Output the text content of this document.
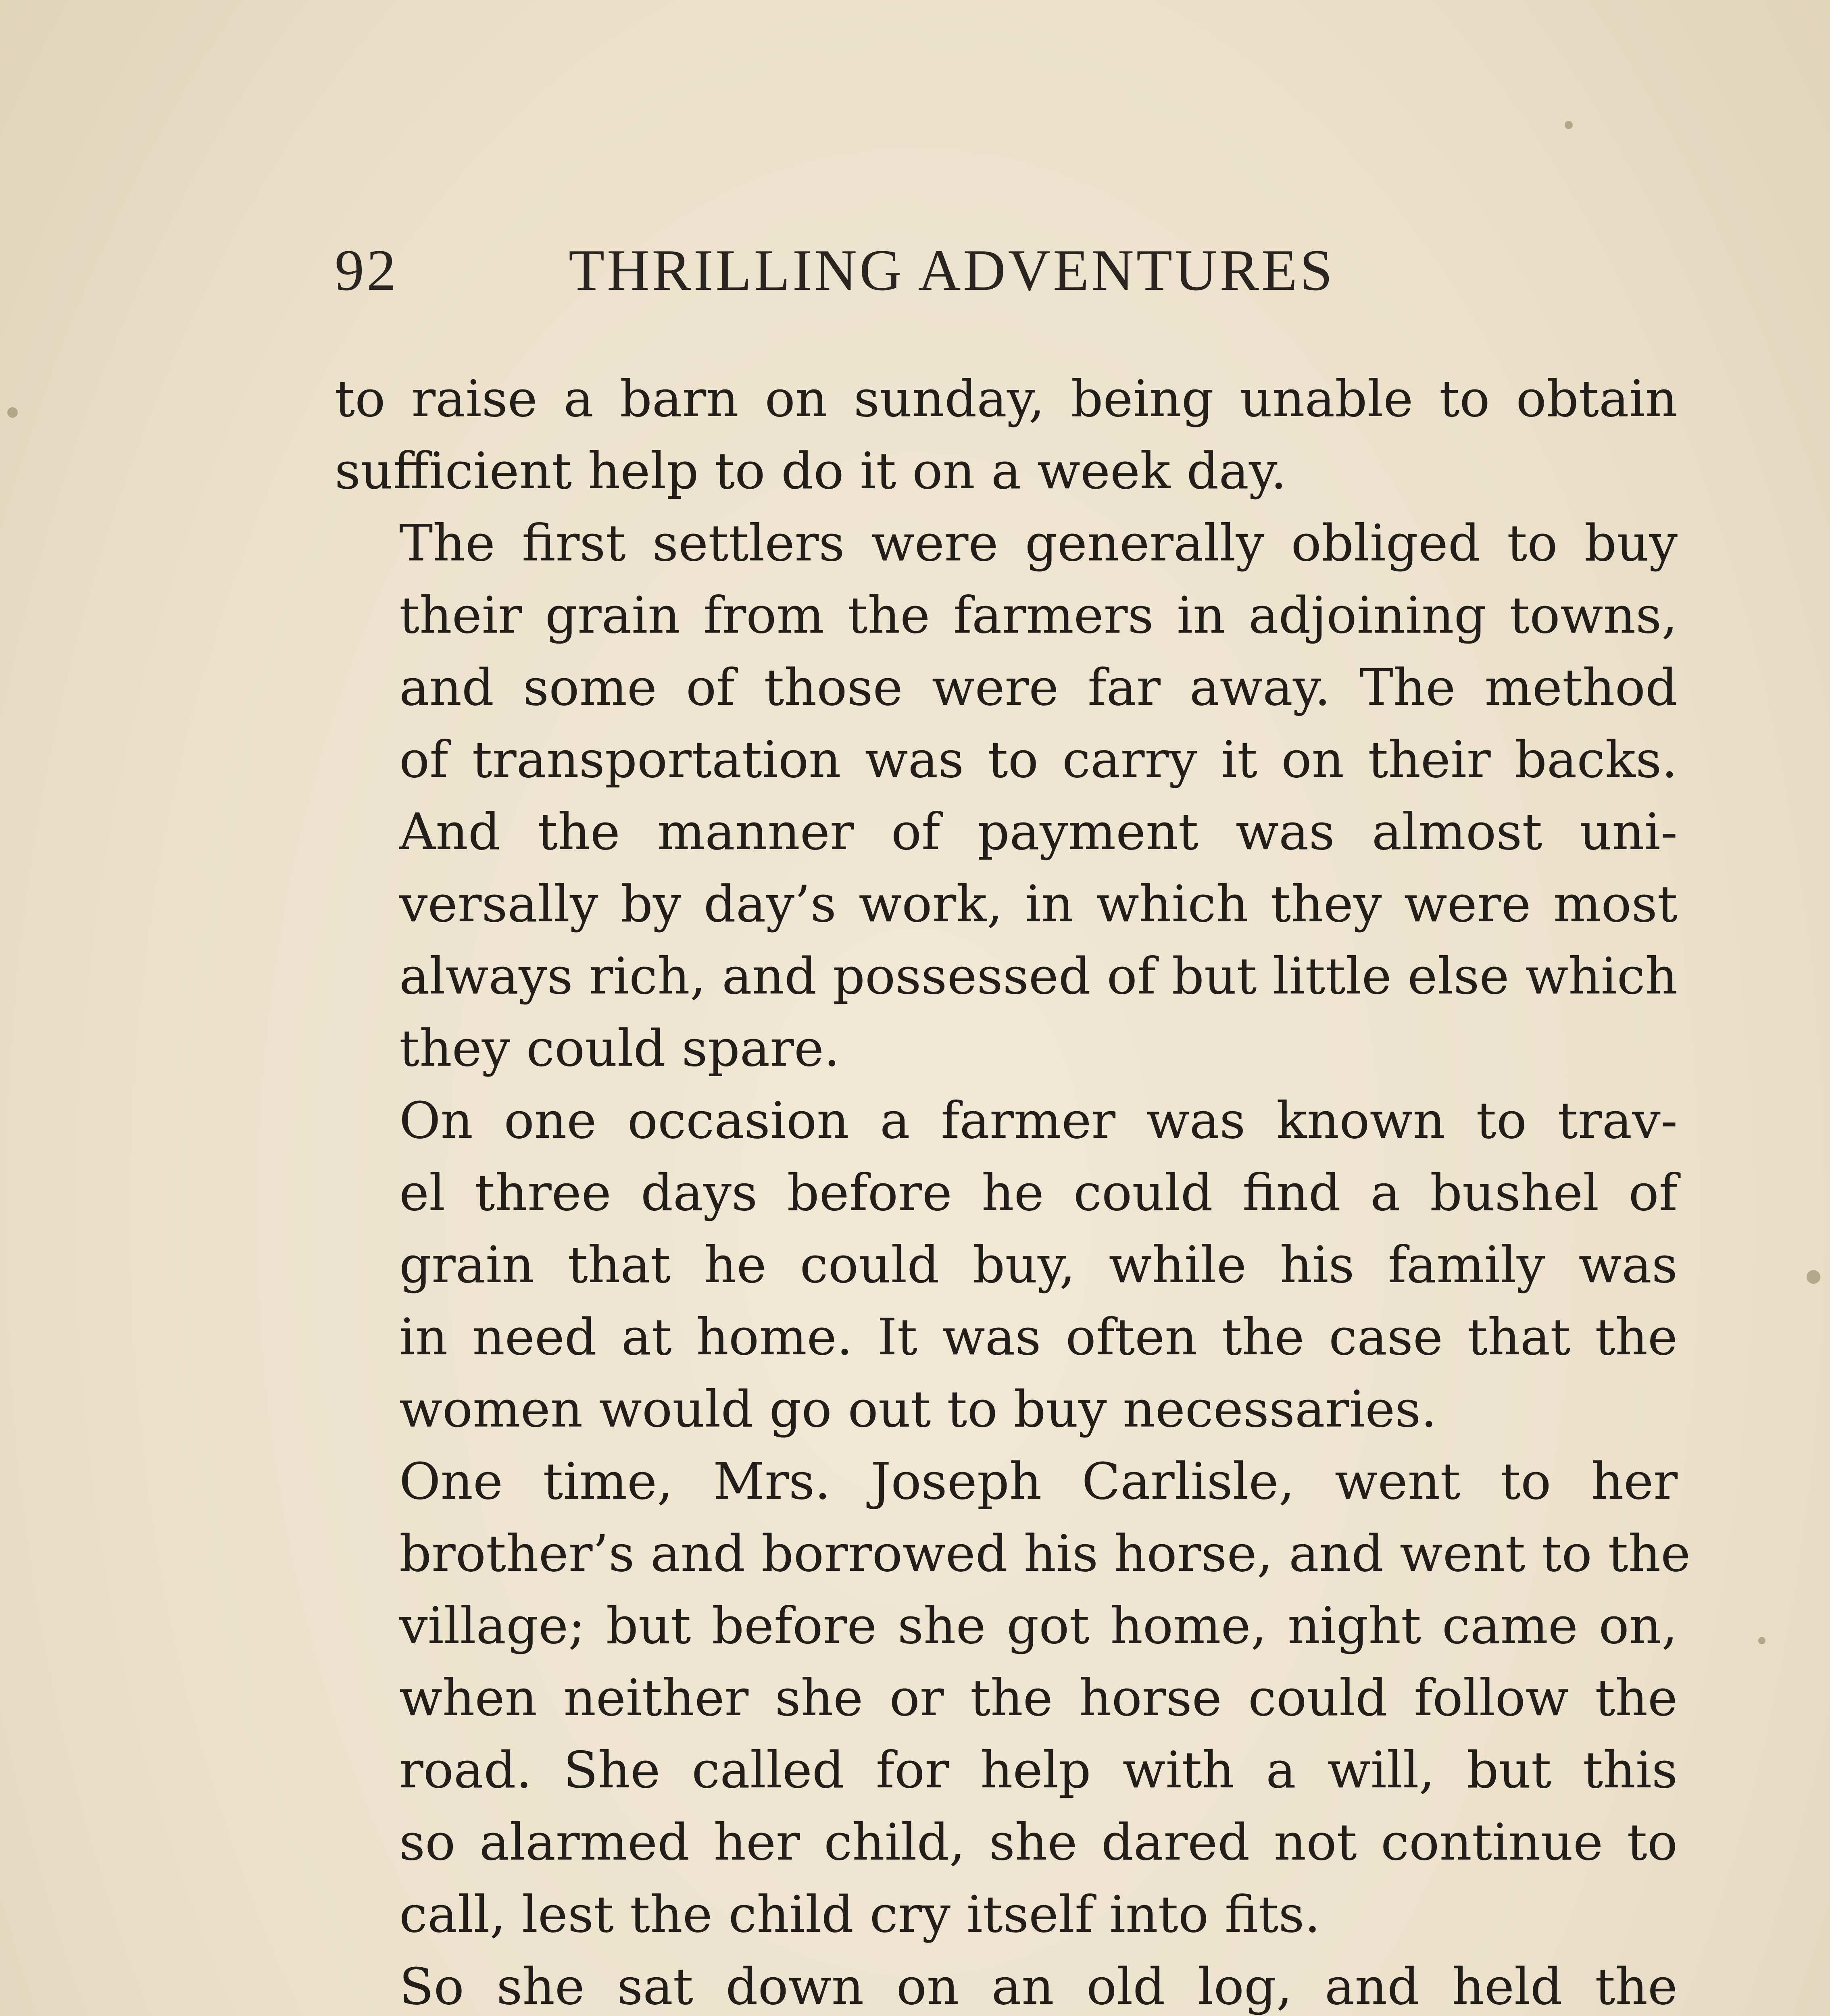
92	THRILLING ADVENTURES
to raise a barn on sunday, being unable to obtain
sufficient help to do it on a week day.
The first settlers were generally obliged to buy
their grain from the farmers in adjoining towns,
and some of those were far away. The method
of transportation was to carry it on their backs.
And the manner of payment was almost uni-
versally by day’s work, in which they were most
always rich, and possessed of but little else which
they could spare.
On one occasion a farmer was known to trav-
el three days before he could find a bushel of
grain that he could buy, while his family was
in need at home. It was often the case that the
women would go out to buy necessaries.
One time, Mrs. Joseph Carlisle, went to her
brother’s and borrowed his horse, and went to the
village; but before she got home, night came on,
when neither she or the horse could follow the
road. She called for help with a will, but this
so alarmed her child, she dared not continue to
call, lest the child cry itself into fits.
So she sat down on an old log, and held the
